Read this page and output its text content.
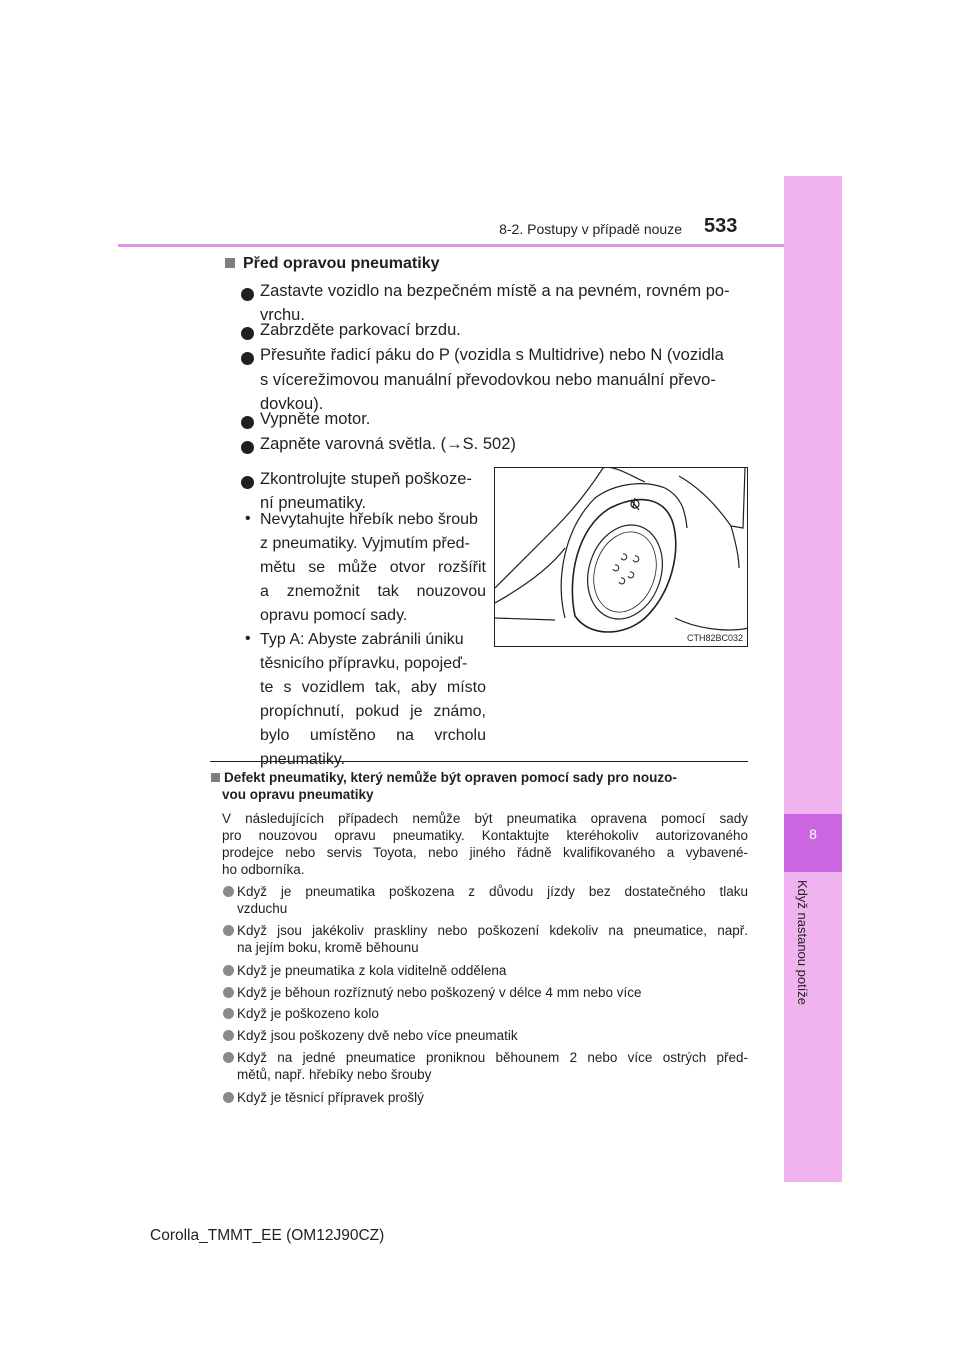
8
Když nastanou potíže
8-2. Postupy v případě nouze 533
Před opravou pneumatiky
Zastavte vozidlo na bezpečném místě a na pevném, rovném po-
vrchu.
Zabrzděte parkovací brzdu.
Přesuňte řadicí páku do P (vozidla s Multidrive) nebo N (vozidla
s vícerežimovou manuální převodovkou nebo manuální převo-
dovkou).
Vypněte motor.
Zapněte varovná světla. (→S. 502)
Zkontrolujte stupeň poškoze-
ní pneumatiky.
• Nevytahujte hřebík nebo šroub
z pneumatiky. Vyjmutím před-
mětu se může otvor rozšířit
a znemožnit tak nouzovou
opravu pomocí sady.
• Typ A: Abyste zabránili úniku
těsnicího přípravku, popojeď-
te s vozidlem tak, aby místo
propíchnutí, pokud je známo,
CTH82BC032
Defekt pneumatiky, který nemůže být opraven pomocí sady pro nouzo-
vou opravu pneumatiky
V následujících případech nemůže být pneumatika opravena pomocí sady
pro nouzovou opravu pneumatiky. Kontaktujte kteréhokoliv autorizovaného
prodejce nebo servis Toyota, nebo jiného řádně kvalifikovaného a vybavené-
ho odborníka.
Když je pneumatika poškozena z důvodu jízdy bez dostatečného tlaku
vzduchu
Když jsou jakékoliv praskliny nebo poškození kdekoliv na pneumatice, např.
na jejím boku, kromě běhounu
Když je pneumatika z kola viditelně oddělena
Když je běhoun rozříznutý nebo poškozený v délce 4 mm nebo více
Když je poškozeno kolo
Když jsou poškozeny dvě nebo více pneumatik
Když na jedné pneumatice proniknou běhounem 2 nebo více ostrých před-
mětů, např. hřebíky nebo šrouby
Když je těsnicí přípravek prošlý
Corolla_TMMT_EE (OM12J90CZ)
bylo umístěno na vrcholu
pneumatiky.
